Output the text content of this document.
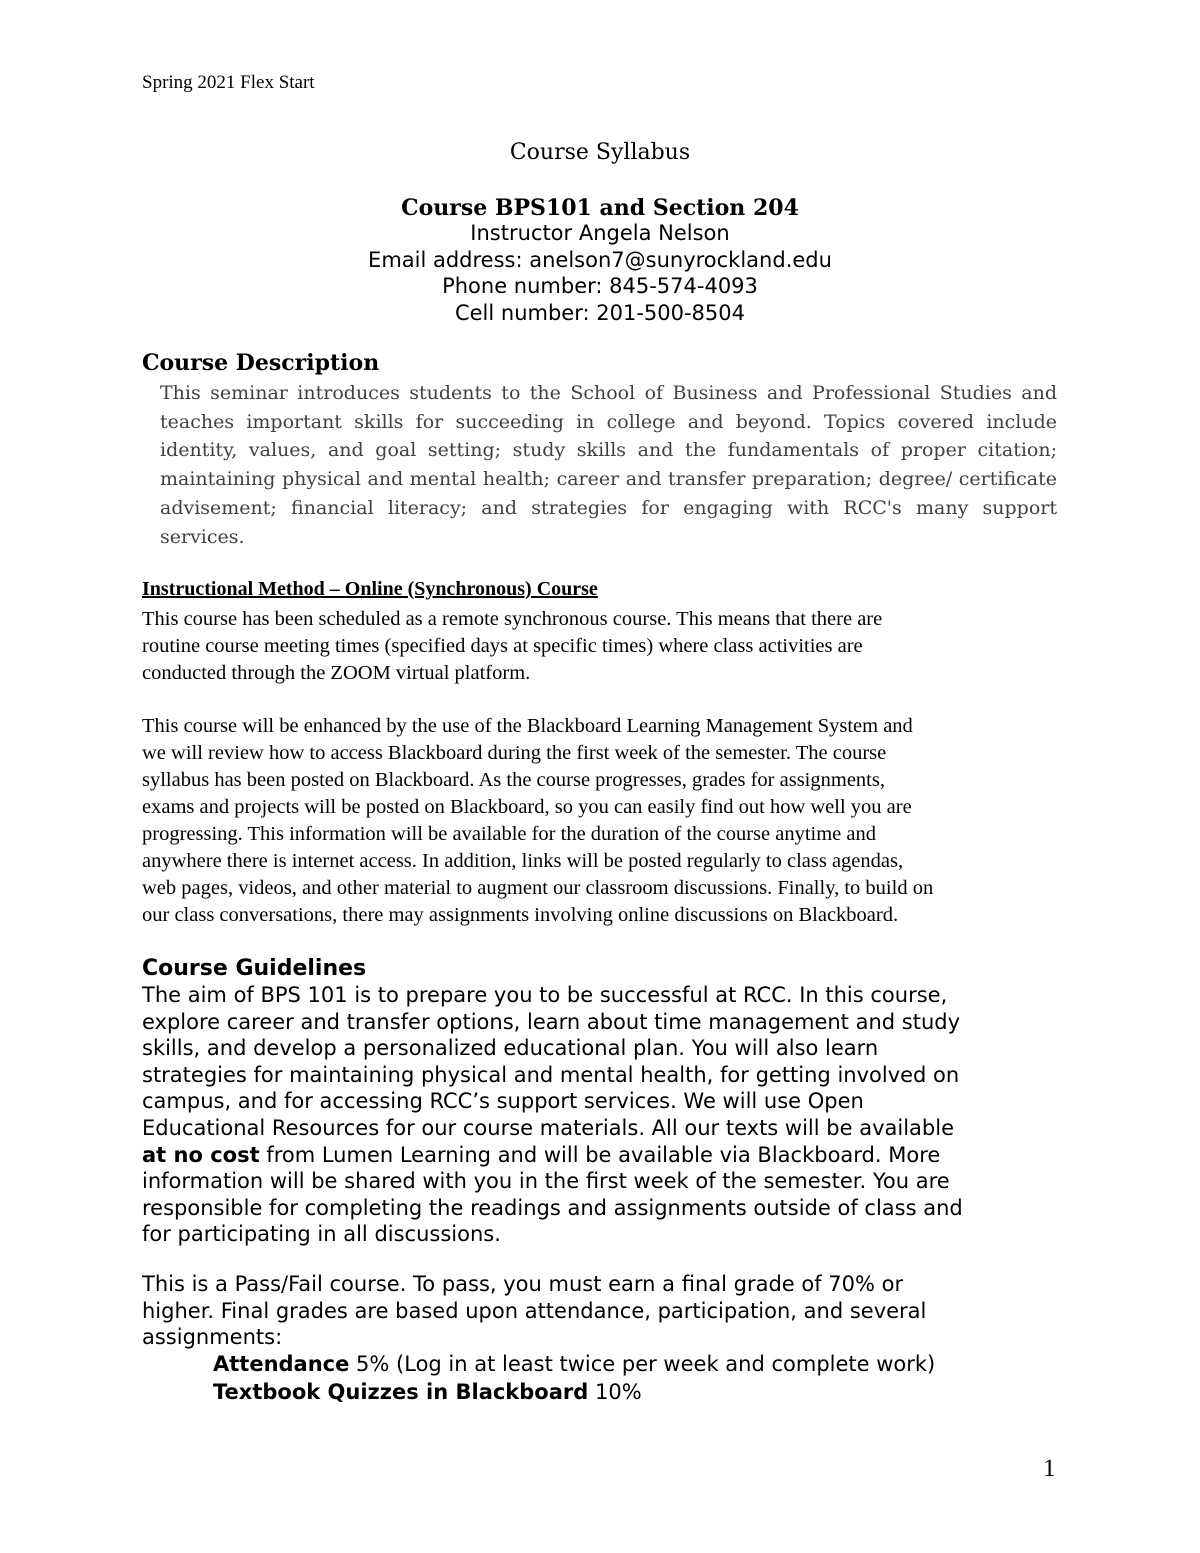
Spring 2021 Flex Start
Course Syllabus
Course BPS101 and Section 204
Instructor Angela Nelson
Email address: anelson7@sunyrockland.edu
Phone number: 845-574-4093
Cell number: 201-500-8504
Course Description
This seminar introduces students to the School of Business and Professional Studies and teaches important skills for succeeding in college and beyond. Topics covered include identity, values, and goal setting; study skills and the fundamentals of proper citation; maintaining physical and mental health; career and transfer preparation; degree/ certificate advisement; financial literacy; and strategies for engaging with RCC's many support services.
Instructional Method – Online (Synchronous) Course
This course has been scheduled as a remote synchronous course. This means that there are
routine course meeting times (specified days at specific times) where class activities are
conducted through the ZOOM virtual platform.
This course will be enhanced by the use of the Blackboard Learning Management System and
we will review how to access Blackboard during the first week of the semester. The course
syllabus has been posted on Blackboard. As the course progresses, grades for assignments,
exams and projects will be posted on Blackboard, so you can easily find out how well you are
progressing. This information will be available for the duration of the course anytime and
anywhere there is internet access. In addition, links will be posted regularly to class agendas,
web pages, videos, and other material to augment our classroom discussions. Finally, to build on
our class conversations, there may assignments involving online discussions on Blackboard.
Course Guidelines
The aim of BPS 101 is to prepare you to be successful at RCC. In this course,
explore career and transfer options, learn about time management and study
skills, and develop a personalized educational plan. You will also learn
strategies for maintaining physical and mental health, for getting involved on
campus, and for accessing RCC’s support services. We will use Open
Educational Resources for our course materials. All our texts will be available
at no cost from Lumen Learning and will be available via Blackboard. More
information will be shared with you in the first week of the semester. You are
responsible for completing the readings and assignments outside of class and
for participating in all discussions.
This is a Pass/Fail course. To pass, you must earn a final grade of 70% or
higher. Final grades are based upon attendance, participation, and several
assignments:
Attendance 5% (Log in at least twice per week and complete work)
Textbook Quizzes in Blackboard 10%
1
